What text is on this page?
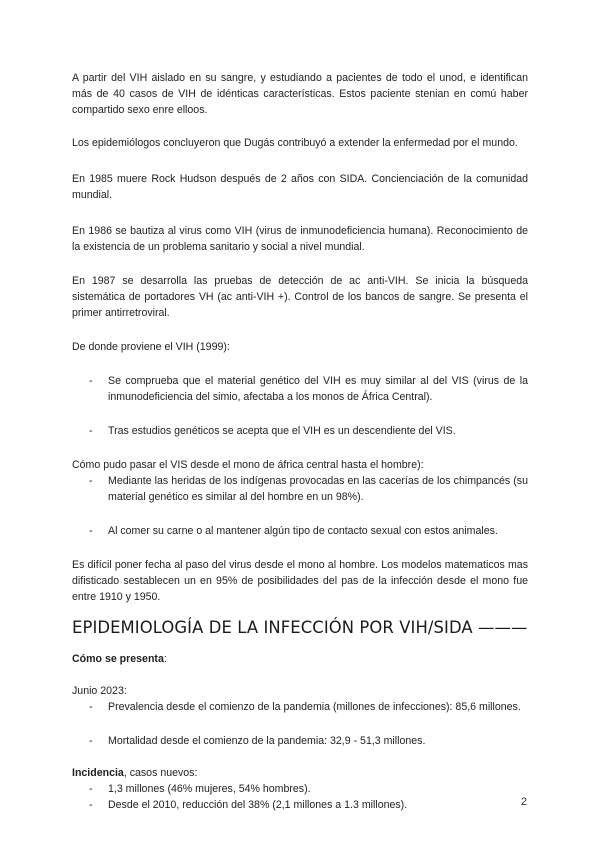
A partir del VIH aislado en su sangre, y estudiando a pacientes de todo el unod, e identifican más de 40 casos de VIH de idénticas características. Estos paciente stenian en comú haber compartido sexo enre elloos.

Los epidemiólogos concluyeron que Dugás contribuyó a extender la enfermedad por el mundo.

En 1985 muere Rock Hudson después de 2 años con SIDA. Concienciación de la comunidad mundial.

En 1986 se bautiza al virus como VIH (virus de inmunodeficiencia humana). Reconocimiento de la existencia de un problema sanitario y social a nivel mundial.

En 1987 se desarrolla las pruebas de detección de ac anti-VIH. Se inicia la búsqueda sistemática de portadores VH (ac anti-VIH +). Control de los bancos de sangre. Se presenta el primer antirretroviral.

De donde proviene el VIH (1999):

- Se comprueba que el material genético del VIH es muy similar al del VIS (virus de la inmunodeficiencia del simio, afectaba a los monos de África Central).
- Tras estudios genéticos se acepta que el VIH es un descendiente del VIS.

Cómo pudo pasar el VIS desde el mono de áfrica central hasta el hombre):

- Mediante las heridas de los indígenas provocadas en las cacerías de los chimpancés (su material genético es similar al del hombre en un 98%).
- Al comer su carne o al mantener algún tipo de contacto sexual con estos animales.

Es difícil poner fecha al paso del virus desde el mono al hombre. Los modelos matematicos mas difisticado sestablecen un en 95% de posibilidades del pas de la infección desde el mono fue entre 1910 y 1950.

EPIDEMIOLOGÍA DE LA INFECCIÓN POR VIH/SIDA ———

Cómo se presenta:

Junio 2023:

- Prevalencia desde el comienzo de la pandemia (millones de infecciones): 85,6 millones.
- Mortalidad desde el comienzo de la pandemia: 32,9 - 51,3 millones.

Incidencia, casos nuevos:

- 1,3 millones (46% mujeres, 54% hombres).
- Desde el 2010, reducción del 38% (2,1 millones a 1.3 millones).	2
